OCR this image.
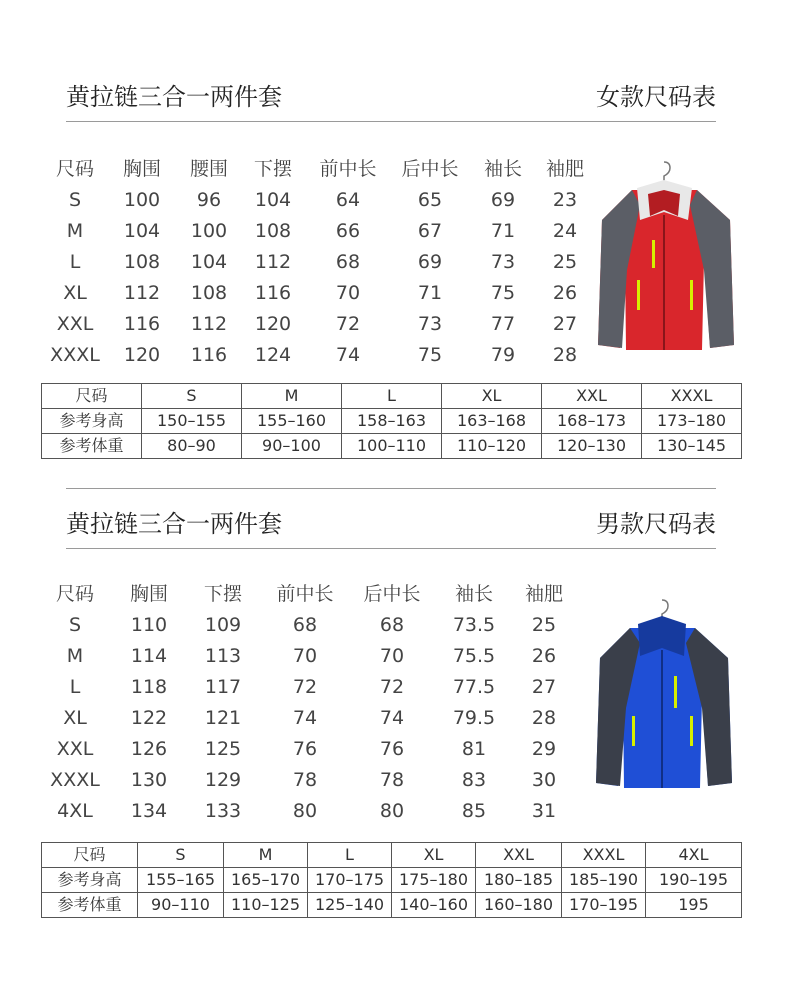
黄拉链三合一两件套	女款尺码表
尺码 胸围 腰围 下摆 前中长 后中长 袖长 袖肥
S 100 96 104 64	65	69 23
M 104 100 108 66	67	71 24
L 108 104 112 68	69	73 25
XL 112 108 116 70	71	75 26
XXL 116 112 120 72	73	77 27
XXXL 120 116 124 74	75	79 28
尺码	S	M	L	XL	XXL	XXXL
参考身高	150–155	155–160	158–163	163–168	168–173	173–180
参考体重	80–90	90–100	100–110	110–120	120–130	130–145
黄拉链三合一两件套	男款尺码表
尺码 胸围 下摆 前中长 后中长 袖长 袖肥
S	110 109	68	68	73.5 25
M	114 113	70	70	75.5 26
L	118 117	72	72	77.5 27
XL 122 121	74	74	79.5 28
XXL 126 125	76	76	81 29
XXXL 130 129	78	78	83 30
4XL 134 133	80	80	85 31
尺码	S	M	L	XL	XXL	XXXL	4XL
参考身高	155–165	165–170	170–175	175–180	180–185	185–190	190–195
参考体重	90–110	110–125	125–140	140–160	160–180	170–195	195
